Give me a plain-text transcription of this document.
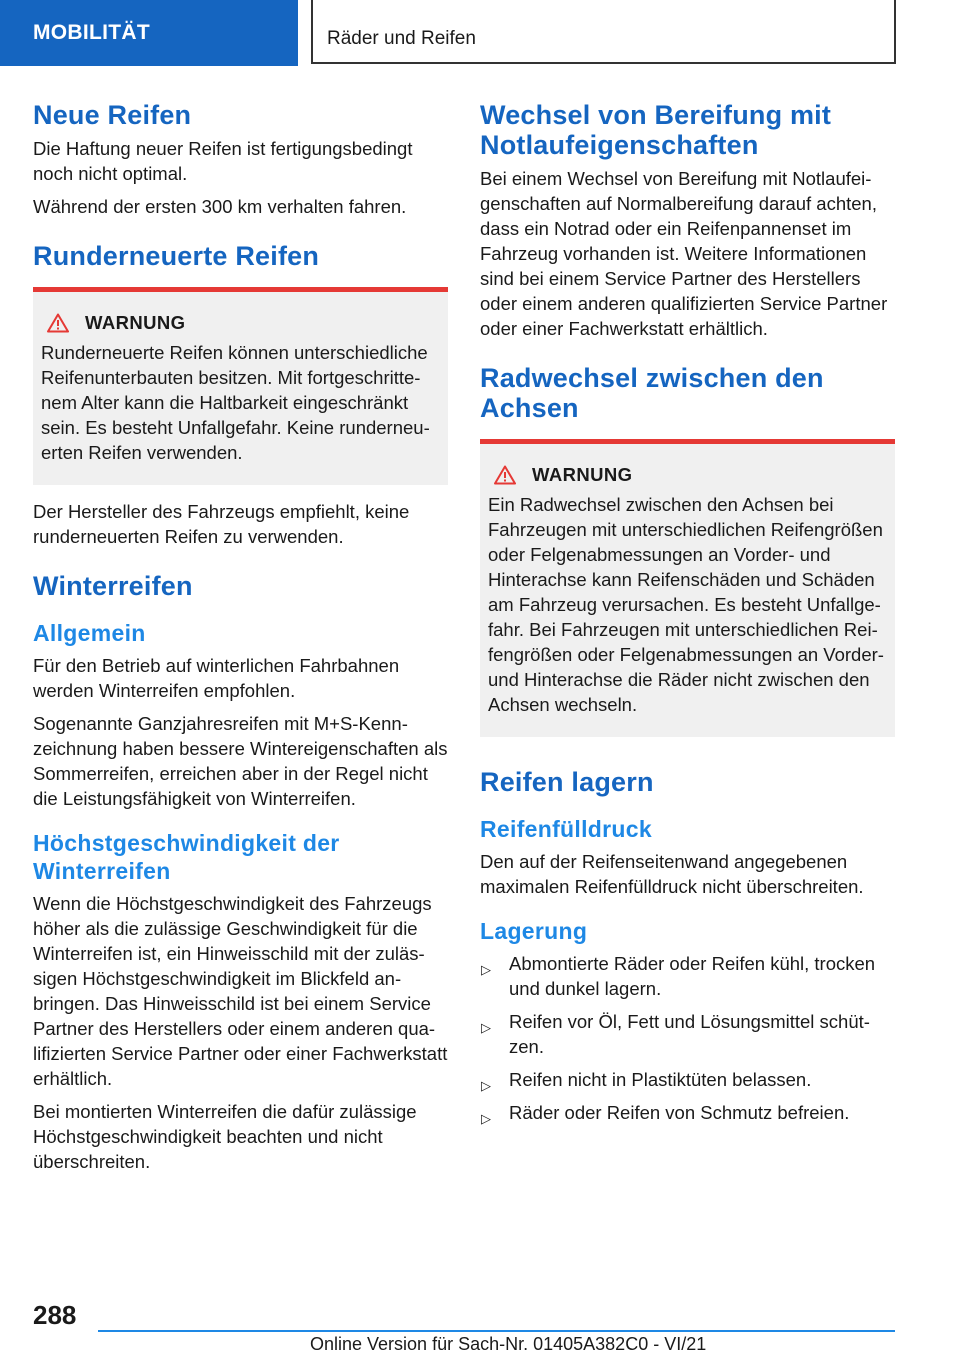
MOBILITÄT	Räder und Reifen
Neue Reifen

Die Haftung neuer Reifen ist fertigungsbedingt noch nicht optimal.

Während der ersten 300 km verhalten fahren.

Runderneuerte Reifen
WARNUNG

Runderneuerte Reifen können unterschiedliche Reifenunterbauten besitzen. Mit fortgeschrittenem Alter kann die Haltbarkeit eingeschränkt sein. Es besteht Unfallgefahr. Keine runderneuerten Reifen verwenden.

Der Hersteller des Fahrzeugs empfiehlt, keine runderneuerten Reifen zu verwenden.

Winterreifen
Allgemein

Für den Betrieb auf winterlichen Fahrbahnen werden Winterreifen empfohlen.

Sogenannte Ganzjahresreifen mit M+S-Kennzeichnung haben bessere Wintereigenschaften als Sommerreifen, erreichen aber in der Regel nicht die Leistungsfähigkeit von Winterreifen.

Höchstgeschwindigkeit der Winterreifen

Wenn die Höchstgeschwindigkeit des Fahrzeugs höher als die zulässige Geschwindigkeit für die Winterreifen ist, ein Hinweisschild mit der zulässigen Höchstgeschwindigkeit im Blickfeld anbringen. Das Hinweisschild ist bei einem Service Partner des Herstellers oder einem anderen qualifizierten Service Partner oder einer Fachwerkstatt erhältlich.

Bei montierten Winterreifen die dafür zulässige Höchstgeschwindigkeit beachten und nicht überschreiten.

Wechsel von Bereifung mit Notlaufeigenschaften

Bei einem Wechsel von Bereifung mit Notlaufeigenschaften auf Normalbereifung darauf achten, dass ein Notrad oder ein Reifenpannenset im Fahrzeug vorhanden ist. Weitere Informationen sind bei einem Service Partner des Herstellers oder einem anderen qualifizierten Service Partner oder einer Fachwerkstatt erhältlich.

Radwechsel zwischen den Achsen
WARNUNG

Ein Radwechsel zwischen den Achsen bei Fahrzeugen mit unterschiedlichen Reifengrößen oder Felgenabmessungen an Vorder- und Hinterachse kann Reifenschäden und Schäden am Fahrzeug verursachen. Es besteht Unfallgefahr. Bei Fahrzeugen mit unterschiedlichen Reifengrößen oder Felgenabmessungen an Vorder- und Hinterachse die Räder nicht zwischen den Achsen wechseln.

Reifen lagern
Reifenfülldruck

Den auf der Reifenseitenwand angegebenen maximalen Reifenfülldruck nicht überschreiten.

Lagerung
▷ Abmontierte Räder oder Reifen kühl, trocken und dunkel lagern.
▷ Reifen vor Öl, Fett und Lösungsmittel schützen.
▷ Reifen nicht in Plastiktüten belassen.
▷ Räder oder Reifen von Schmutz befreien.
288
Online Version für Sach-Nr. 01405A382C0 - VI/21
